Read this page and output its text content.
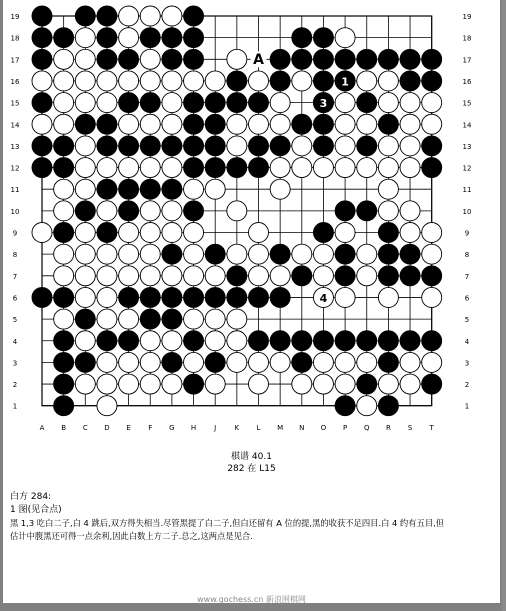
1
3
4
A
19	19
18	18
17	17
16	16
15	15
14	14
13	13
12	12
11	11
10	10
9	9
8	8
7	7
6	6
5	5
4	4
3	3
2	2
1	1
A B C D E F G H	J	K L M N O P Q R S T
棋谱 40.1
282 在 L15
白方 284:
1 图(见合点)
黑 1,3 吃白二子,白 4 跳后,双方得失相当.尽管黑提了白二子,但白还留有 A 位的提,黑的收获不足四目.白 4 约有五目,但
估计中腹黑还可得一点余利,因此白数上方二子.总之,这两点是见合.
www.gochess.cn 新浪围棋网
